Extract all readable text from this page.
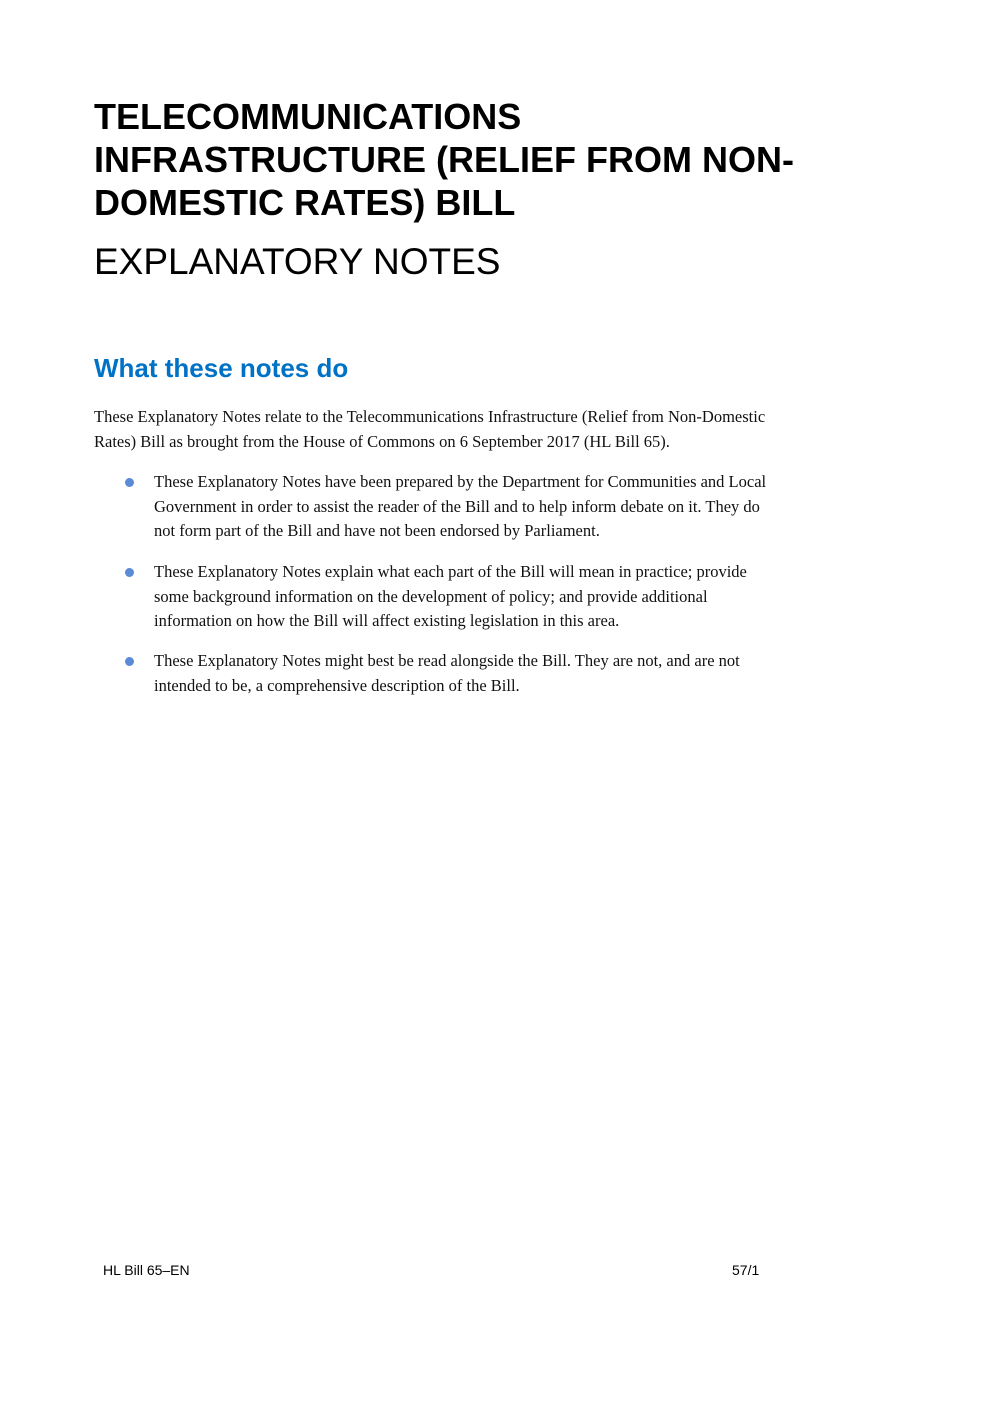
TELECOMMUNICATIONS
INFRASTRUCTURE (RELIEF FROM NON-
DOMESTIC RATES) BILL
EXPLANATORY NOTES
What these notes do
These Explanatory Notes relate to the Telecommunications Infrastructure (Relief from Non-Domestic
Rates) Bill as brought from the House of Commons on 6 September 2017 (HL Bill 65).
These Explanatory Notes have been prepared by the Department for Communities and Local
Government in order to assist the reader of the Bill and to help inform debate on it. They do
not form part of the Bill and have not been endorsed by Parliament.
These Explanatory Notes explain what each part of the Bill will mean in practice; provide
some background information on the development of policy; and provide additional
information on how the Bill will affect existing legislation in this area.
These Explanatory Notes might best be read alongside the Bill. They are not, and are not
intended to be, a comprehensive description of the Bill.
HL Bill 65–EN	57/1
